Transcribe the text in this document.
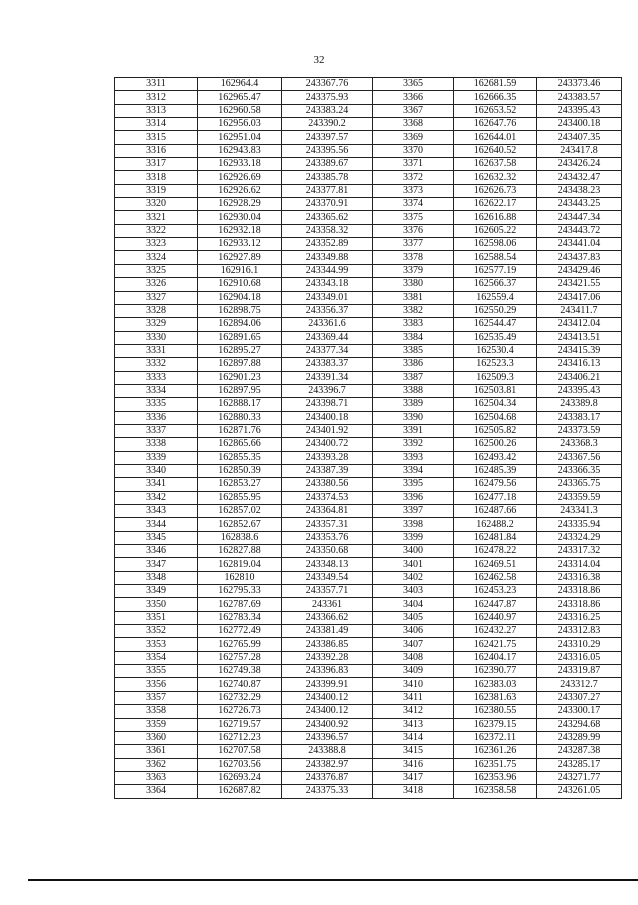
32
3311	162964.4	243367.76	3365	162681.59	243373.46
3312	162965.47	243375.93	3366	162666.35	243383.57
3313	162960.58	243383.24	3367	162653.52	243395.43
3314	162956.03	243390.2	3368	162647.76	243400.18
3315	162951.04	243397.57	3369	162644.01	243407.35
3316	162943.83	243395.56	3370	162640.52	243417.8
3317	162933.18	243389.67	3371	162637.58	243426.24
3318	162926.69	243385.78	3372	162632.32	243432.47
3319	162926.62	243377.81	3373	162626.73	243438.23
3320	162928.29	243370.91	3374	162622.17	243443.25
3321	162930.04	243365.62	3375	162616.88	243447.34
3322	162932.18	243358.32	3376	162605.22	243443.72
3323	162933.12	243352.89	3377	162598.06	243441.04
3324	162927.89	243349.88	3378	162588.54	243437.83
3325	162916.1	243344.99	3379	162577.19	243429.46
3326	162910.68	243343.18	3380	162566.37	243421.55
3327	162904.18	243349.01	3381	162559.4	243417.06
3328	162898.75	243356.37	3382	162550.29	243411.7
3329	162894.06	243361.6	3383	162544.47	243412.04
3330	162891.65	243369.44	3384	162535.49	243413.51
3331	162895.27	243377.34	3385	162530.4	243415.39
3332	162897.88	243383.37	3386	162523.3	243416.13
3333	162901.23	243391.34	3387	162509.3	243406.21
3334	162897.95	243396.7	3388	162503.81	243395.43
3335	162888.17	243398.71	3389	162504.34	243389.8
3336	162880.33	243400.18	3390	162504.68	243383.17
3337	162871.76	243401.92	3391	162505.82	243373.59
3338	162865.66	243400.72	3392	162500.26	243368.3
3339	162855.35	243393.28	3393	162493.42	243367.56
3340	162850.39	243387.39	3394	162485.39	243366.35
3341	162853.27	243380.56	3395	162479.56	243365.75
3342	162855.95	243374.53	3396	162477.18	243359.59
3343	162857.02	243364.81	3397	162487.66	243341.3
3344	162852.67	243357.31	3398	162488.2	243335.94
3345	162838.6	243353.76	3399	162481.84	243324.29
3346	162827.88	243350.68	3400	162478.22	243317.32
3347	162819.04	243348.13	3401	162469.51	243314.04
3348	162810	243349.54	3402	162462.58	243316.38
3349	162795.33	243357.71	3403	162453.23	243318.86
3350	162787.69	243361	3404	162447.87	243318.86
3351	162783.34	243366.62	3405	162440.97	243316.25
3352	162772.49	243381.49	3406	162432.27	243312.83
3353	162765.99	243386.85	3407	162421.75	243310.29
3354	162757.28	243392.28	3408	162404.17	243316.05
3355	162749.38	243396.83	3409	162390.77	243319.87
3356	162740.87	243399.91	3410	162383.03	243312.7
3357	162732.29	243400.12	3411	162381.63	243307.27
3358	162726.73	243400.12	3412	162380.55	243300.17
3359	162719.57	243400.92	3413	162379.15	243294.68
3360	162712.23	243396.57	3414	162372.11	243289.99
3361	162707.58	243388.8	3415	162361.26	243287.38
3362	162703.56	243382.97	3416	162351.75	243285.17
3363	162693.24	243376.87	3417	162353.96	243271.77
3364	162687.82	243375.33	3418	162358.58	243261.05
